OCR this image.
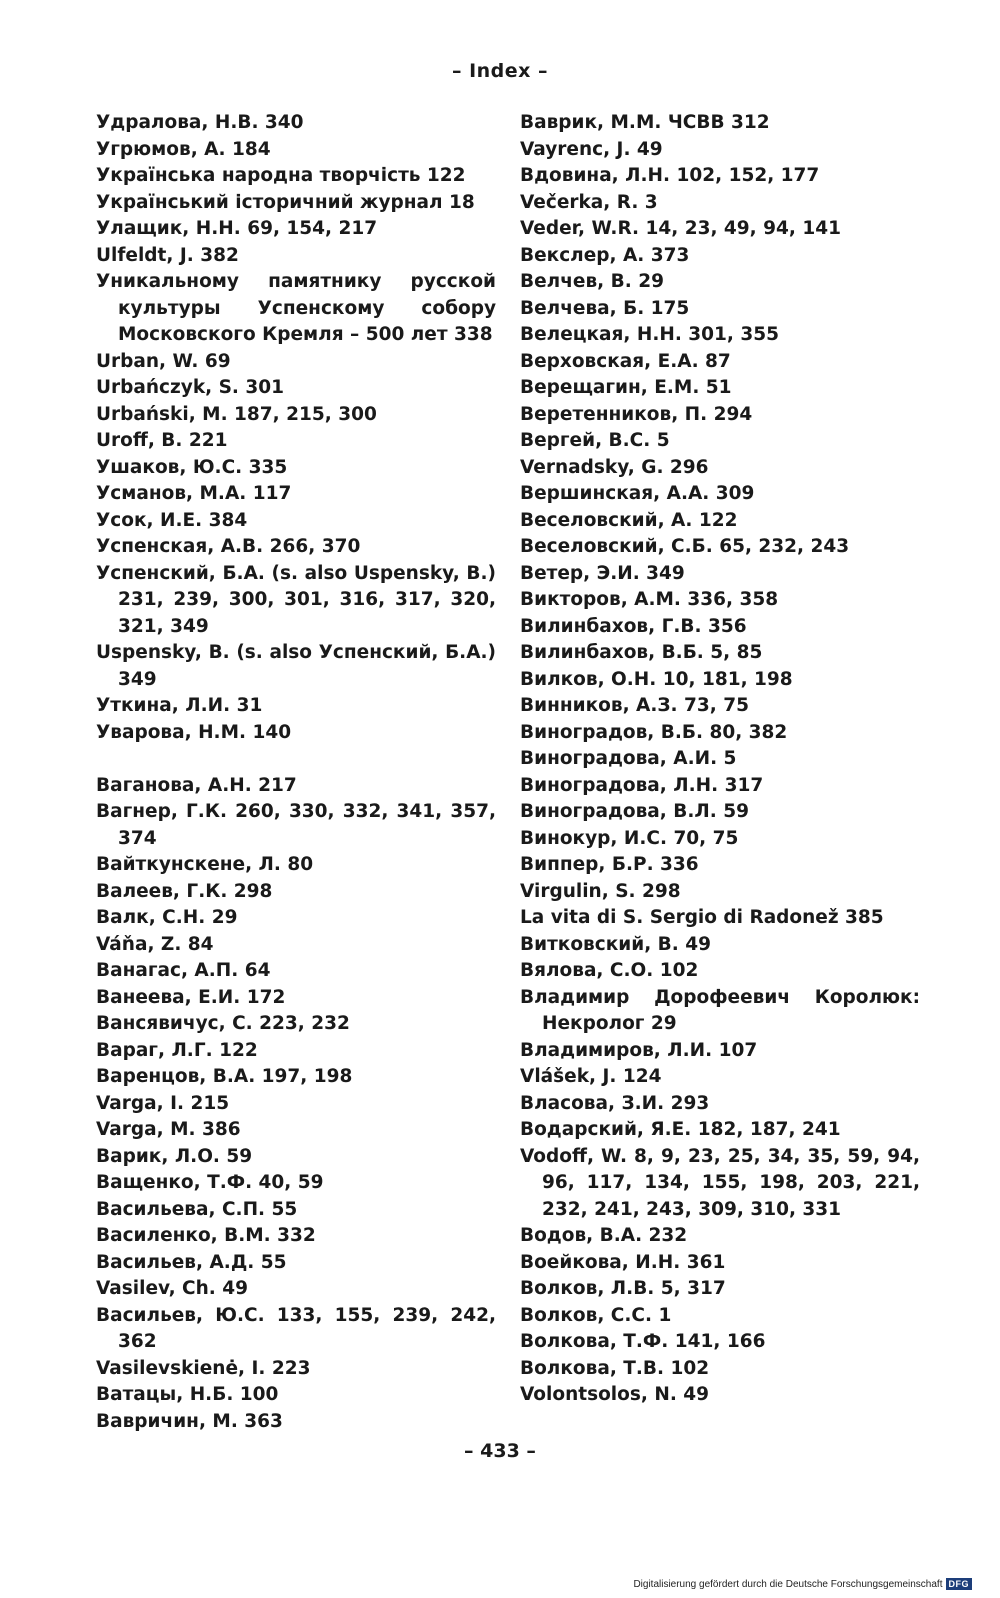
– Index –
Удралова, Н.В. 340
Угрюмов, А. 184
Українська народна творчість 122
Український історичний журнал 18
Улащик, Н.Н. 69, 154, 217
Ulfeldt, J. 382
Уникальному памятнику русской культуры Успенскому собору Московского Кремля – 500 лет 338
Urban, W. 69
Urbańczyk, S. 301
Urbański, M. 187, 215, 300
Uroff, B. 221
Ушаков, Ю.С. 335
Усманов, М.А. 117
Усок, И.Е. 384
Успенская, А.В. 266, 370
Успенский, Б.А. (s. also Uspensky, B.) 231, 239, 300, 301, 316, 317, 320, 321, 349
Uspensky, B. (s. also Успенский, Б.А.) 349
Уткина, Л.И. 31
Уварова, Н.М. 140
Ваганова, А.Н. 217
Вагнер, Г.К. 260, 330, 332, 341, 357, 374
Вайткунскене, Л. 80
Валеев, Г.К. 298
Валк, С.Н. 29
Váňa, Z. 84
Ванагас, А.П. 64
Ванеева, Е.И. 172
Вансявичус, С. 223, 232
Вараг, Л.Г. 122
Варенцов, В.А. 197, 198
Varga, I. 215
Varga, M. 386
Варик, Л.О. 59
Ващенко, Т.Ф. 40, 59
Васильева, С.П. 55
Василенко, В.М. 332
Васильев, А.Д. 55
Vasilev, Ch. 49
Васильев, Ю.С. 133, 155, 239, 242, 362
Vasilevskienė, I. 223
Ватацы, Н.Б. 100
Вавричин, М. 363
Ваврик, М.М. ЧСВВ 312
Vayrenc, J. 49
Вдовина, Л.Н. 102, 152, 177
Večerka, R. 3
Veder, W.R. 14, 23, 49, 94, 141
Векслер, А. 373
Велчев, В. 29
Велчева, Б. 175
Велецкая, Н.Н. 301, 355
Верховская, Е.А. 87
Верещагин, Е.М. 51
Веретенников, П. 294
Вергей, В.С. 5
Vernadsky, G. 296
Вершинская, А.А. 309
Веселовский, А. 122
Веселовский, С.Б. 65, 232, 243
Ветер, Э.И. 349
Викторов, А.М. 336, 358
Вилинбахов, Г.В. 356
Вилинбахов, В.Б. 5, 85
Вилков, О.Н. 10, 181, 198
Винников, А.З. 73, 75
Виноградов, В.Б. 80, 382
Виноградова, А.И. 5
Виноградова, Л.Н. 317
Виноградова, В.Л. 59
Винокур, И.С. 70, 75
Виппер, Б.Р. 336
Virgulin, S. 298
La vita di S. Sergio di Radonež 385
Витковский, В. 49
Вялова, С.О. 102
Владимир Дорофеевич Королюк: Некролог 29
Владимиров, Л.И. 107
Vlášek, J. 124
Власова, З.И. 293
Водарский, Я.Е. 182, 187, 241
Vodoff, W. 8, 9, 23, 25, 34, 35, 59, 94, 96, 117, 134, 155, 198, 203, 221, 232, 241, 243, 309, 310, 331
Водов, В.А. 232
Воейкова, И.Н. 361
Волков, Л.В. 5, 317
Волков, С.С. 1
Волкова, Т.Ф. 141, 166
Волкова, Т.В. 102
Volontsolos, N. 49
– 433 –
Digitalisierung gefördert durch die Deutsche Forschungsgemeinschaft DFG
